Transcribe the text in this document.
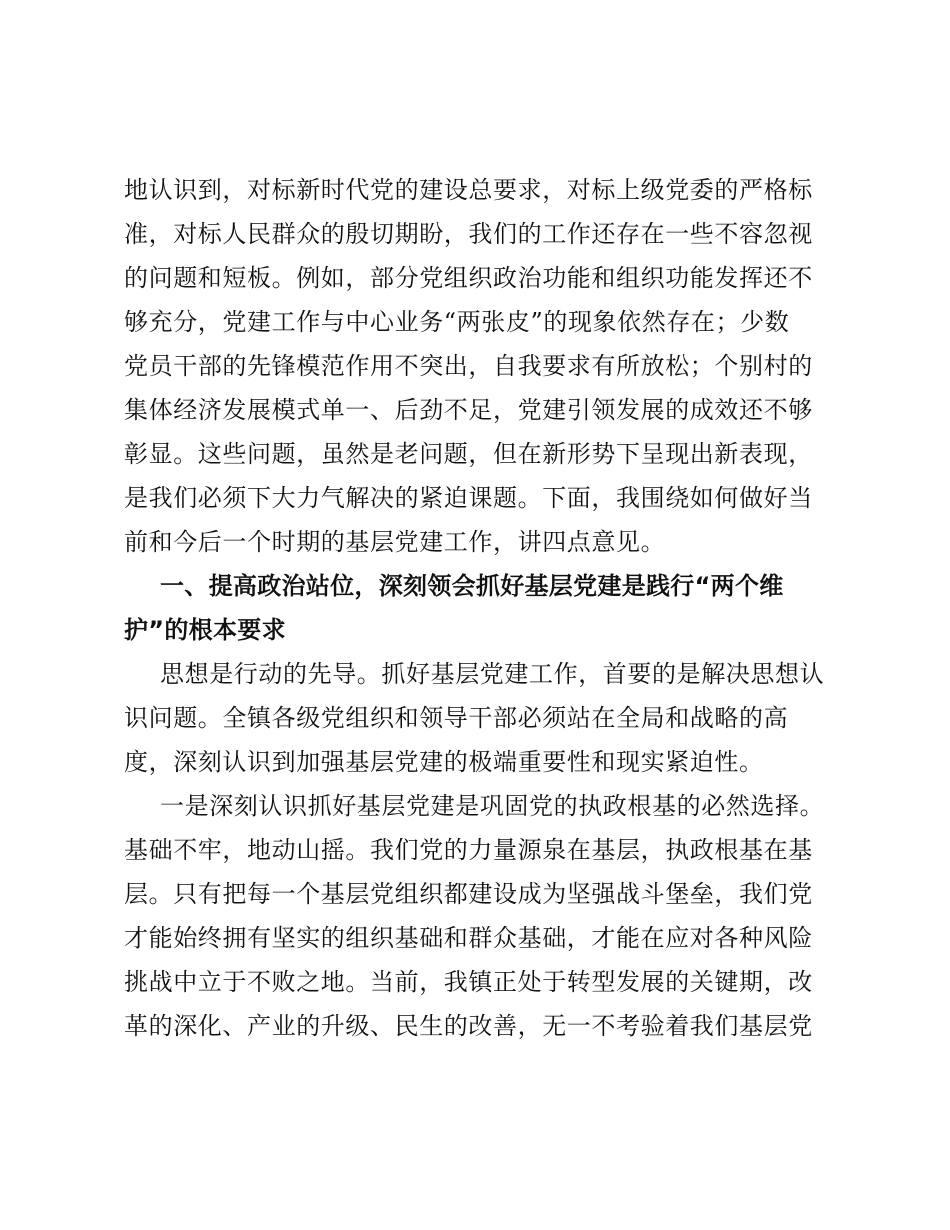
地认识到，对标新时代党的建设总要求，对标上级党委的严格标
准，对标人民群众的殷切期盼，我们的工作还存在一些不容忽视
的问题和短板。例如，部分党组织政治功能和组织功能发挥还不
够充分，党建工作与中心业务“两张皮”的现象依然存在；少数
党员干部的先锋模范作用不突出，自我要求有所放松；个别村的
集体经济发展模式单一、后劲不足，党建引领发展的成效还不够
彰显。这些问题，虽然是老问题，但在新形势下呈现出新表现，
是我们必须下大力气解决的紧迫课题。下面，我围绕如何做好当
前和今后一个时期的基层党建工作，讲四点意见。
一、提高政治站位，深刻领会抓好基层党建是践行“两个维
护”的根本要求
思想是行动的先导。抓好基层党建工作，首要的是解决思想认
识问题。全镇各级党组织和领导干部必须站在全局和战略的高
度，深刻认识到加强基层党建的极端重要性和现实紧迫性。
一是深刻认识抓好基层党建是巩固党的执政根基的必然选择。
基础不牢，地动山摇。我们党的力量源泉在基层，执政根基在基
层。只有把每一个基层党组织都建设成为坚强战斗堡垒，我们党
才能始终拥有坚实的组织基础和群众基础，才能在应对各种风险
挑战中立于不败之地。当前，我镇正处于转型发展的关键期，改
革的深化、产业的升级、民生的改善，无一不考验着我们基层党
